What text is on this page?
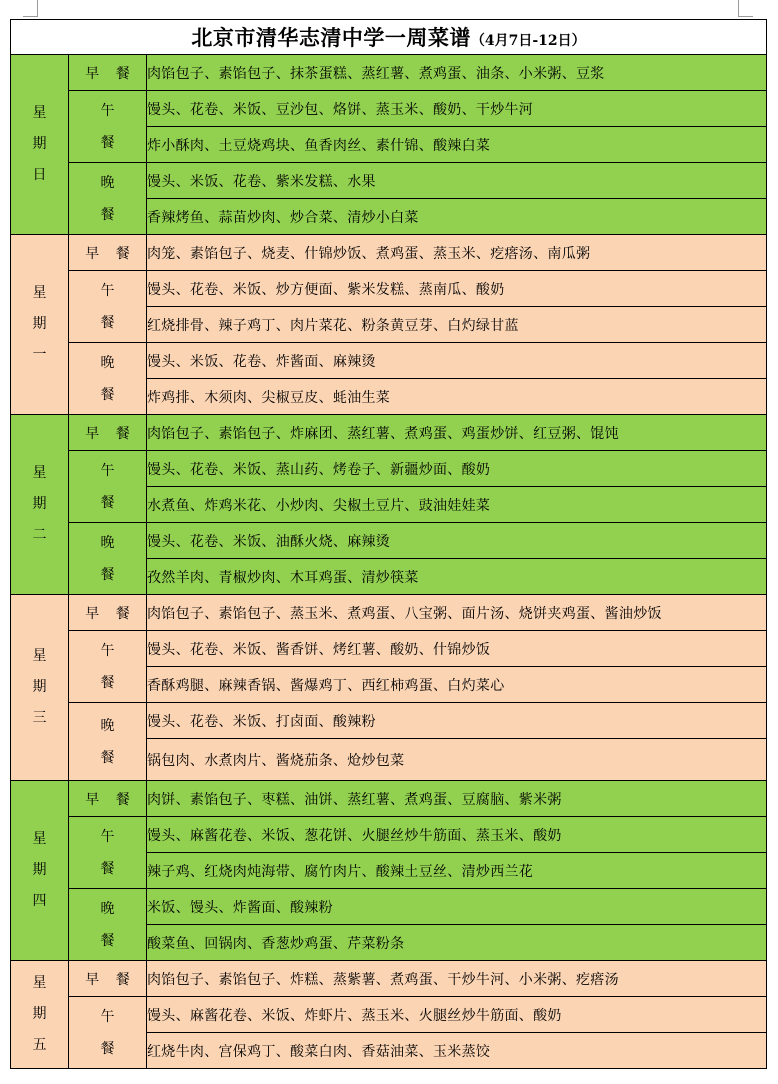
北京市清华志清中学一周菜谱（4月7日-12日）		

星
期
日	早 餐	肉馅包子、素馅包子、抹茶蛋糕、蒸红薯、煮鸡蛋、油条、小米粥、豆浆

	午
餐	馒头、花卷、米饭、豆沙包、烙饼、蒸玉米、酸奶、干炒牛河
		炸小酥肉、土豆烧鸡块、鱼香肉丝、素什锦、酸辣白菜

	晚
餐	馒头、米饭、花卷、紫米发糕、水果
		香辣烤鱼、蒜苗炒肉、炒合菜、清炒小白菜

星
期
一	早 餐	肉笼、素馅包子、烧麦、什锦炒饭、煮鸡蛋、蒸玉米、疙瘩汤、南瓜粥

	午
餐	馒头、花卷、米饭、炒方便面、紫米发糕、蒸南瓜、酸奶
		红烧排骨、辣子鸡丁、肉片菜花、粉条黄豆芽、白灼绿甘蓝

	晚
餐	馒头、米饭、花卷、炸酱面、麻辣烫
		炸鸡排、木须肉、尖椒豆皮、蚝油生菜

星
期
二	早 餐	肉馅包子、素馅包子、炸麻团、蒸红薯、煮鸡蛋、鸡蛋炒饼、红豆粥、馄饨

	午
餐	馒头、花卷、米饭、蒸山药、烤卷子、新疆炒面、酸奶
		水煮鱼、炸鸡米花、小炒肉、尖椒土豆片、豉油娃娃菜

	晚
餐	馒头、花卷、米饭、油酥火烧、麻辣烫
		孜然羊肉、青椒炒肉、木耳鸡蛋、清炒筷菜

星
期
三	早 餐	肉馅包子、素馅包子、蒸玉米、煮鸡蛋、八宝粥、面片汤、烧饼夹鸡蛋、酱油炒饭

	午
餐	馒头、花卷、米饭、酱香饼、烤红薯、酸奶、什锦炒饭
		香酥鸡腿、麻辣香锅、酱爆鸡丁、西红柿鸡蛋、白灼菜心

	晚
餐	馒头、花卷、米饭、打卤面、酸辣粉
		锅包肉、水煮肉片、酱烧茄条、炝炒包菜

星
期
四	早 餐	肉饼、素馅包子、枣糕、油饼、蒸红薯、煮鸡蛋、豆腐脑、紫米粥

	午
餐	馒头、麻酱花卷、米饭、葱花饼、火腿丝炒牛筋面、蒸玉米、酸奶
		辣子鸡、红烧肉炖海带、腐竹肉片、酸辣土豆丝、清炒西兰花

	晚
餐	米饭、馒头、炸酱面、酸辣粉
		酸菜鱼、回锅肉、香葱炒鸡蛋、芹菜粉条

星
期
五	早 餐	肉馅包子、素馅包子、炸糕、蒸紫薯、煮鸡蛋、干炒牛河、小米粥、疙瘩汤

	午
餐	馒头、麻酱花卷、米饭、炸虾片、蒸玉米、火腿丝炒牛筋面、酸奶
		红烧牛肉、宫保鸡丁、酸菜白肉、香菇油菜、玉米蒸饺
